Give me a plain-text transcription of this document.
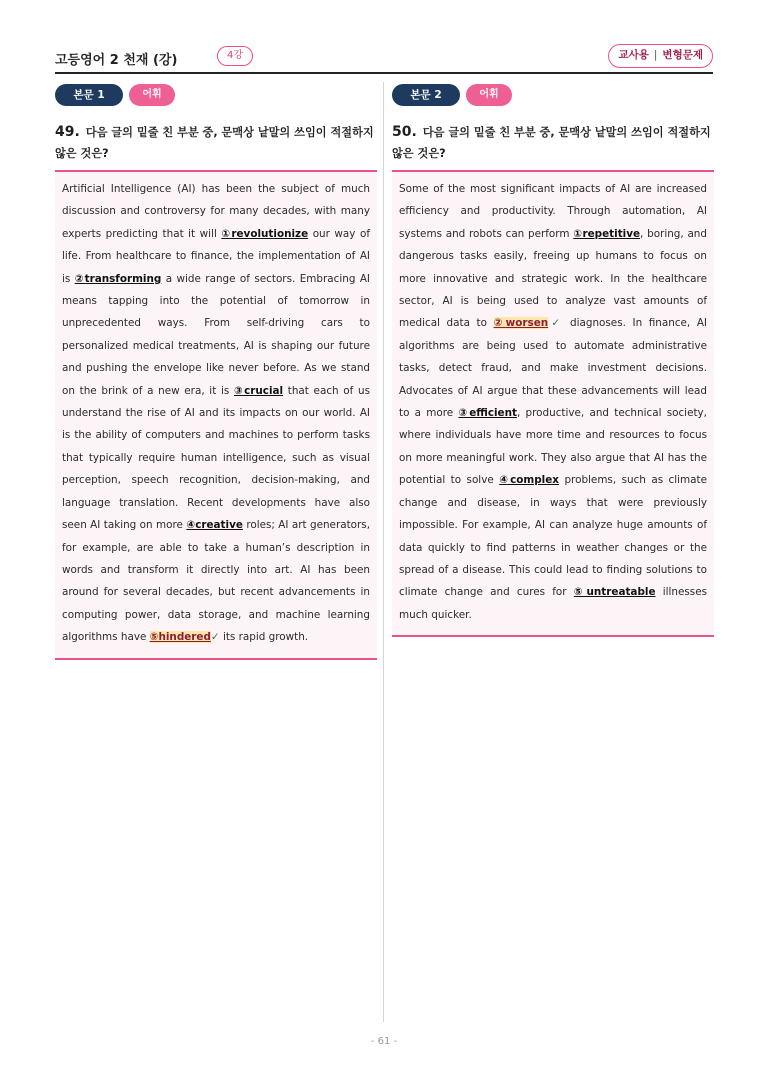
고등영어 2 천재 (강)	4강	교사용 | 변형문제
본문 1	어휘
49. 다음 글의 밑줄 친 부분 중, 문맥상 낱말의 쓰임이 적절하지 않은 것은?
Artificial Intelligence (AI) has been the subject of much discussion and controversy for many decades, with many experts predicting that it will ①revolutionize our way of life. From healthcare to finance, the implementation of AI is ②transforming a wide range of sectors. Embracing AI means tapping into the potential of tomorrow in unprecedented ways. From self-driving cars to personalized medical treatments, AI is shaping our future and pushing the envelope like never before. As we stand on the brink of a new era, it is ③crucial that each of us understand the rise of AI and its impacts on our world. AI is the ability of computers and machines to perform tasks that typically require human intelligence, such as visual perception, speech recognition, decision-making, and language translation. Recent developments have also seen AI taking on more ④creative roles; AI art generators, for example, are able to take a human’s description in words and transform it directly into art. AI has been around for several decades, but recent advancements in computing power, data storage, and machine learning algorithms have ⑤hindered✓ its rapid growth.
본문 2	어휘
50. 다음 글의 밑줄 친 부분 중, 문맥상 낱말의 쓰임이 적절하지 않은 것은?
Some of the most significant impacts of AI are increased efficiency and productivity. Through automation, AI systems and robots can perform ①repetitive, boring, and dangerous tasks easily, freeing up humans to focus on more innovative and strategic work. In the healthcare sector, AI is being used to analyze vast amounts of medical data to ②worsen✓ diagnoses. In finance, AI algorithms are being used to automate administrative tasks, detect fraud, and make investment decisions. Advocates of AI argue that these advancements will lead to a more ③efficient, productive, and technical society, where individuals have more time and resources to focus on more meaningful work. They also argue that AI has the potential to solve ④complex problems, such as climate change and disease, in ways that were previously impossible. For example, AI can analyze huge amounts of data quickly to find patterns in weather changes or the spread of a disease. This could lead to finding solutions to climate change and cures for ⑤untreatable illnesses much quicker.
- 61 -
